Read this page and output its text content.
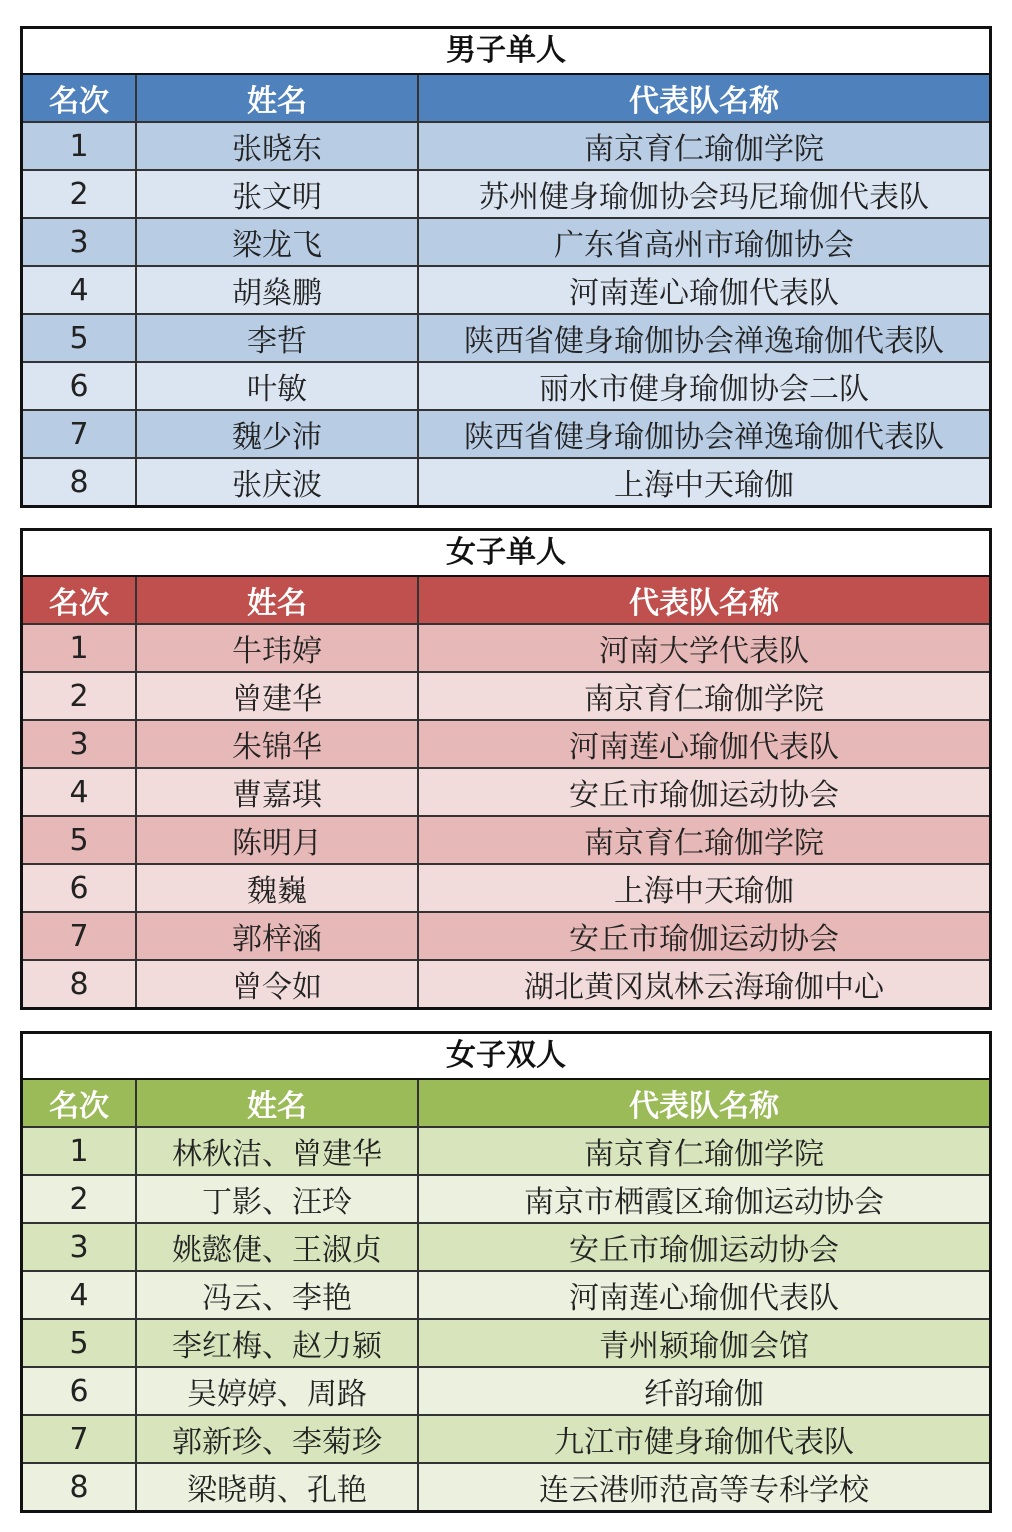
男子单人
名次	姓名	代表队名称
1	张晓东	南京育仁瑜伽学院
2	张文明	苏州健身瑜伽协会玛尼瑜伽代表队
3	梁龙飞	广东省高州市瑜伽协会
4	胡燊鹏	河南莲心瑜伽代表队
5	李哲	陕西省健身瑜伽协会禅逸瑜伽代表队
6	叶敏	丽水市健身瑜伽协会二队
7	魏少沛	陕西省健身瑜伽协会禅逸瑜伽代表队
8	张庆波	上海中天瑜伽
女子单人
名次	姓名	代表队名称
1	牛玮婷	河南大学代表队
2	曾建华	南京育仁瑜伽学院
3	朱锦华	河南莲心瑜伽代表队
4	曹嘉琪	安丘市瑜伽运动协会
5	陈明月	南京育仁瑜伽学院
6	魏巍	上海中天瑜伽
7	郭梓涵	安丘市瑜伽运动协会
8	曾令如	湖北黄冈岚林云海瑜伽中心
女子双人
名次	姓名	代表队名称
1	林秋洁、曾建华	南京育仁瑜伽学院
2	丁影、汪玲	南京市栖霞区瑜伽运动协会
3	姚懿倢、王淑贞	安丘市瑜伽运动协会
4	冯云、李艳	河南莲心瑜伽代表队
5	李红梅、赵力颍	青州颍瑜伽会馆
6	吴婷婷、周路	纤韵瑜伽
7	郭新珍、李菊珍	九江市健身瑜伽代表队
8	梁晓萌、孔艳	连云港师范高等专科学校
